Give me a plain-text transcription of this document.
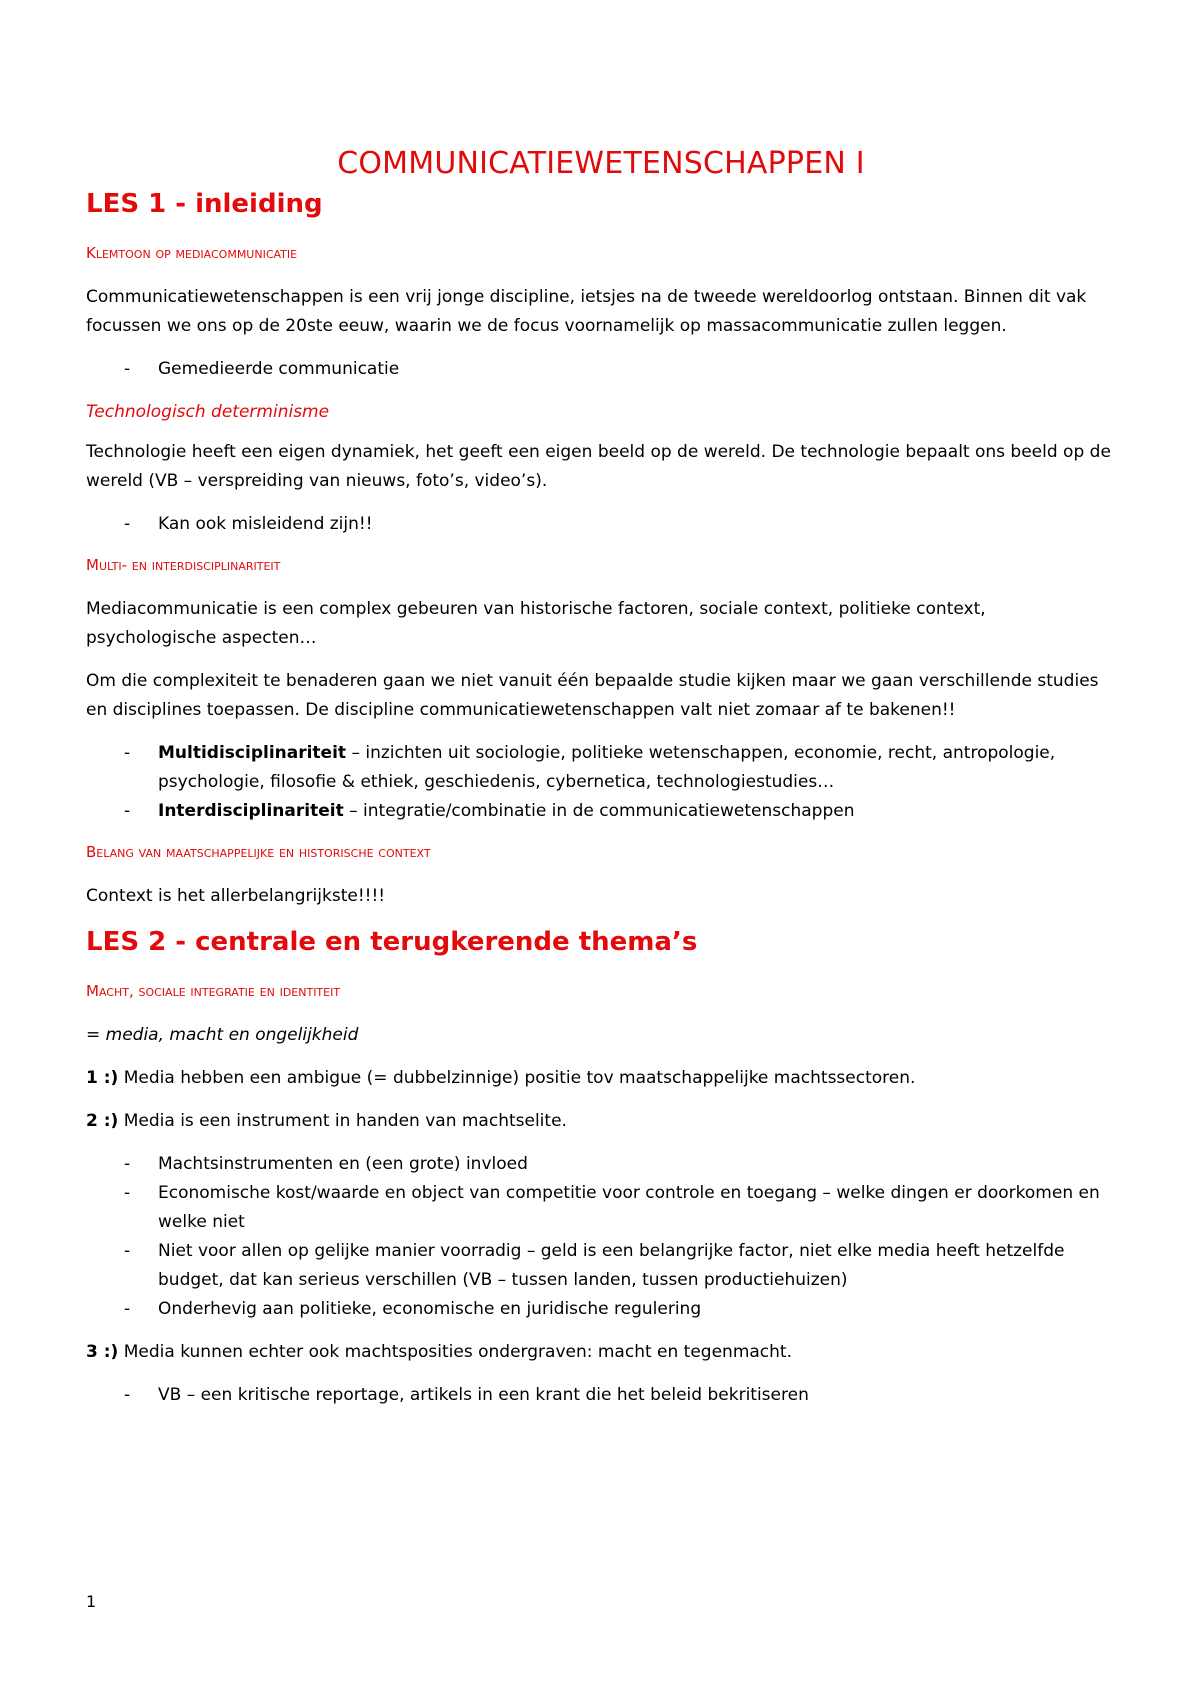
COMMUNICATIEWETENSCHAPPEN I
LES 1 - inleiding
Klemtoon op mediacommunicatie

Communicatiewetenschappen is een vrij jonge discipline, ietsjes na de tweede wereldoorlog ontstaan. Binnen dit vak focussen we ons op de 20ste eeuw, waarin we de focus voornamelijk op massacommunicatie zullen leggen.

- Gemedieerde communicatie
Technologisch determinisme

Technologie heeft een eigen dynamiek, het geeft een eigen beeld op de wereld. De technologie bepaalt ons beeld op de wereld (VB – verspreiding van nieuws, foto’s, video’s).

- Kan ook misleidend zijn!!
Multi- en interdisciplinariteit

Mediacommunicatie is een complex gebeuren van historische factoren, sociale context, politieke context, psychologische aspecten…

Om die complexiteit te benaderen gaan we niet vanuit één bepaalde studie kijken maar we gaan verschillende studies en disciplines toepassen. De discipline communicatiewetenschappen valt niet zomaar af te bakenen!!

- Multidisciplinariteit – inzichten uit sociologie, politieke wetenschappen, economie, recht, antropologie, psychologie, filosofie & ethiek, geschiedenis, cybernetica, technologiestudies…
- Interdisciplinariteit – integratie/combinatie in de communicatiewetenschappen
Belang van maatschappelijke en historische context

Context is het allerbelangrijkste!!!!

LES 2 - centrale en terugkerende thema’s
Macht, sociale integratie en identiteit

= media, macht en ongelijkheid

1 :) Media hebben een ambigue (= dubbelzinnige) positie tov maatschappelijke machtssectoren.

2 :) Media is een instrument in handen van machtselite.

- Machtsinstrumenten en (een grote) invloed
- Economische kost/waarde en object van competitie voor controle en toegang – welke dingen er doorkomen en welke niet
- Niet voor allen op gelijke manier voorradig – geld is een belangrijke factor, niet elke media heeft hetzelfde budget, dat kan serieus verschillen (VB – tussen landen, tussen productiehuizen)
- Onderhevig aan politieke, economische en juridische regulering

3 :) Media kunnen echter ook machtsposities ondergraven: macht en tegenmacht.

- VB – een kritische reportage, artikels in een krant die het beleid bekritiseren
1
